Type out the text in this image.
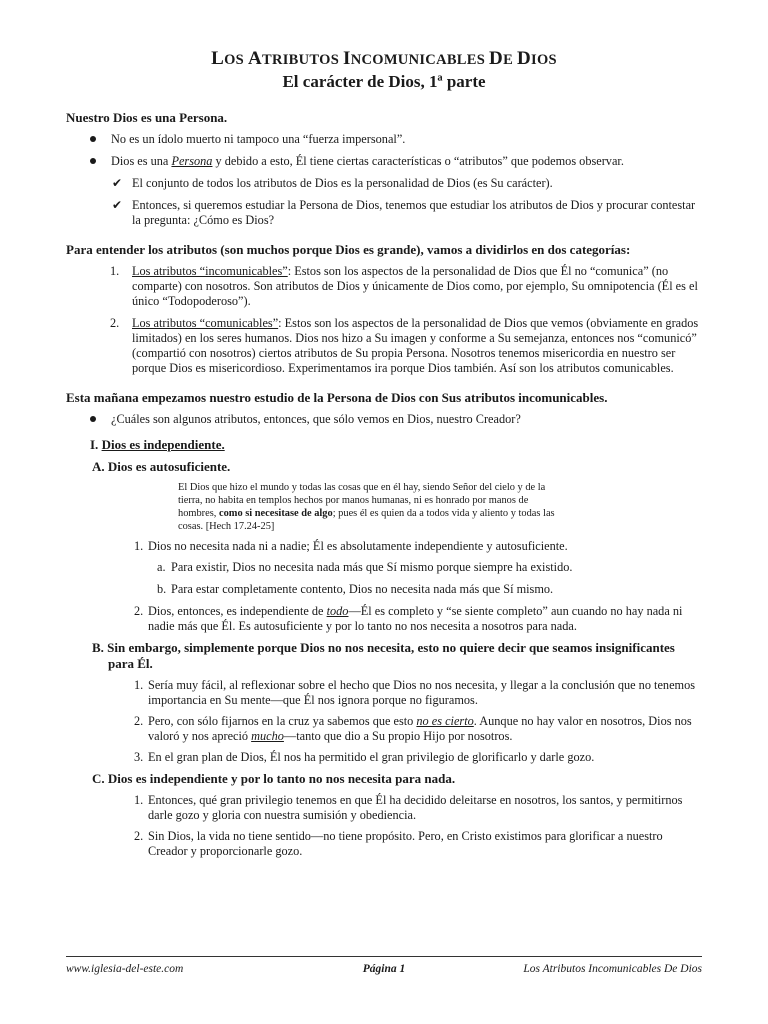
LOS ATRIBUTOS INCOMUNICABLES DE DIOS
El carácter de Dios, 1ª parte
Nuestro Dios es una Persona.
No es un ídolo muerto ni tampoco una “fuerza impersonal”.
Dios es una Persona y debido a esto, Él tiene ciertas características o “atributos” que podemos observar.
✔ El conjunto de todos los atributos de Dios es la personalidad de Dios (es Su carácter).
✔ Entonces, si queremos estudiar la Persona de Dios, tenemos que estudiar los atributos de Dios y procurar contestar la pregunta: ¿Cómo es Dios?
Para entender los atributos (son muchos porque Dios es grande), vamos a dividirlos en dos categorías:
1. Los atributos “incomunicables”: Estos son los aspectos de la personalidad de Dios que Él no “comunica” (no comparte) con nosotros. Son atributos de Dios y únicamente de Dios como, por ejemplo, Su omnipotencia (Él es el único “Todopoderoso”).
2. Los atributos “comunicables”: Estos son los aspectos de la personalidad de Dios que vemos (obviamente en grados limitados) en los seres humanos. Dios nos hizo a Su imagen y conforme a Su semejanza, entonces nos “comunicó” (compartió con nosotros) ciertos atributos de Su propia Persona. Nosotros tenemos misericordia en nuestro ser porque Dios es misericordioso. Experimentamos ira porque Dios también. Así son los atributos comunicables.
Esta mañana empezamos nuestro estudio de la Persona de Dios con Sus atributos incomunicables.
¿Cuáles son algunos atributos, entonces, que sólo vemos en Dios, nuestro Creador?
I. Dios es independiente.
A. Dios es autosuficiente.
El Dios que hizo el mundo y todas las cosas que en él hay, siendo Señor del cielo y de la tierra, no habita en templos hechos por manos humanas, ni es honrado por manos de hombres, como si necesitase de algo; pues él es quien da a todos vida y aliento y todas las cosas. [Hech 17.24-25]
1. Dios no necesita nada ni a nadie; Él es absolutamente independiente y autosuficiente.
a. Para existir, Dios no necesita nada más que Sí mismo porque siempre ha existido.
b. Para estar completamente contento, Dios no necesita nada más que Sí mismo.
2. Dios, entonces, es independiente de todo—Él es completo y “se siente completo” aun cuando no hay nada ni nadie más que Él. Es autosuficiente y por lo tanto no nos necesita a nosotros para nada.
B. Sin embargo, simplemente porque Dios no nos necesita, esto no quiere decir que seamos insignificantes para Él.
1. Sería muy fácil, al reflexionar sobre el hecho que Dios no nos necesita, y llegar a la conclusión que no tenemos importancia en Su mente—que Él nos ignora porque no figuramos.
2. Pero, con sólo fijarnos en la cruz ya sabemos que esto no es cierto. Aunque no hay valor en nosotros, Dios nos valoró y nos apreció mucho—tanto que dio a Su propio Hijo por nosotros.
3. En el gran plan de Dios, Él nos ha permitido el gran privilegio de glorificarlo y darle gozo.
C. Dios es independiente y por lo tanto no nos necesita para nada.
1. Entonces, qué gran privilegio tenemos en que Él ha decidido deleitarse en nosotros, los santos, y permitirnos darle gozo y gloria con nuestra sumisión y obediencia.
2. Sin Dios, la vida no tiene sentido—no tiene propósito. Pero, en Cristo existimos para glorificar a nuestro Creador y proporcionarle gozo.
www.iglesia-del-este.com	Página 1	Los Atributos Incomunicables De Dios
